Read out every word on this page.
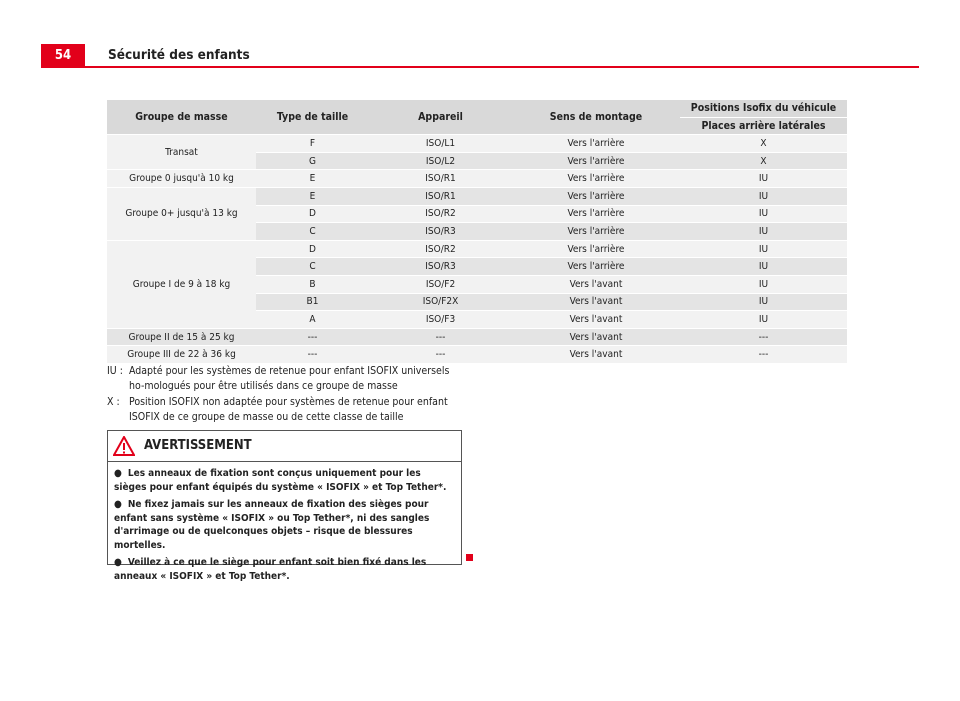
54	Sécurité des enfants
Groupe de masse	Type de taille	Appareil	Sens de montage	Positions Isofix du véhicule
				Places arrière latérales
Transat	F	ISO/L1	Vers l'arrière	X
	G	ISO/L2	Vers l'arrière	X
Groupe 0 jusqu'à 10 kg	E	ISO/R1	Vers l'arrière	IU
Groupe 0+ jusqu'à 13 kg	E	ISO/R1	Vers l'arrière	IU
	D	ISO/R2	Vers l'arrière	IU
	C	ISO/R3	Vers l'arrière	IU
Groupe I de 9 à 18 kg	D	ISO/R2	Vers l'arrière	IU
	C	ISO/R3	Vers l'arrière	IU
	B	ISO/F2	Vers l'avant	IU
	B1	ISO/F2X	Vers l'avant	IU
	A	ISO/F3	Vers l'avant	IU
Groupe II de 15 à 25 kg	---	---	Vers l'avant	---
Groupe III de 22 à 36 kg	---	---	Vers l'avant	---
IU : Adapté pour les systèmes de retenue pour enfant ISOFIX universels ho-mologués pour être utilisés dans ce groupe de masse
X : Position ISOFIX non adaptée pour systèmes de retenue pour enfant ISOFIX de ce groupe de masse ou de cette classe de taille
AVERTISSEMENT
● Les anneaux de fixation sont conçus uniquement pour les sièges pour enfant équipés du système « ISOFIX » et Top Tether*.
● Ne fixez jamais sur les anneaux de fixation des sièges pour enfant sans système « ISOFIX » ou Top Tether*, ni des sangles d'arrimage ou de quelconques objets – risque de blessures mortelles.
● Veillez à ce que le siège pour enfant soit bien fixé dans les anneaux « ISOFIX » et Top Tether*.
